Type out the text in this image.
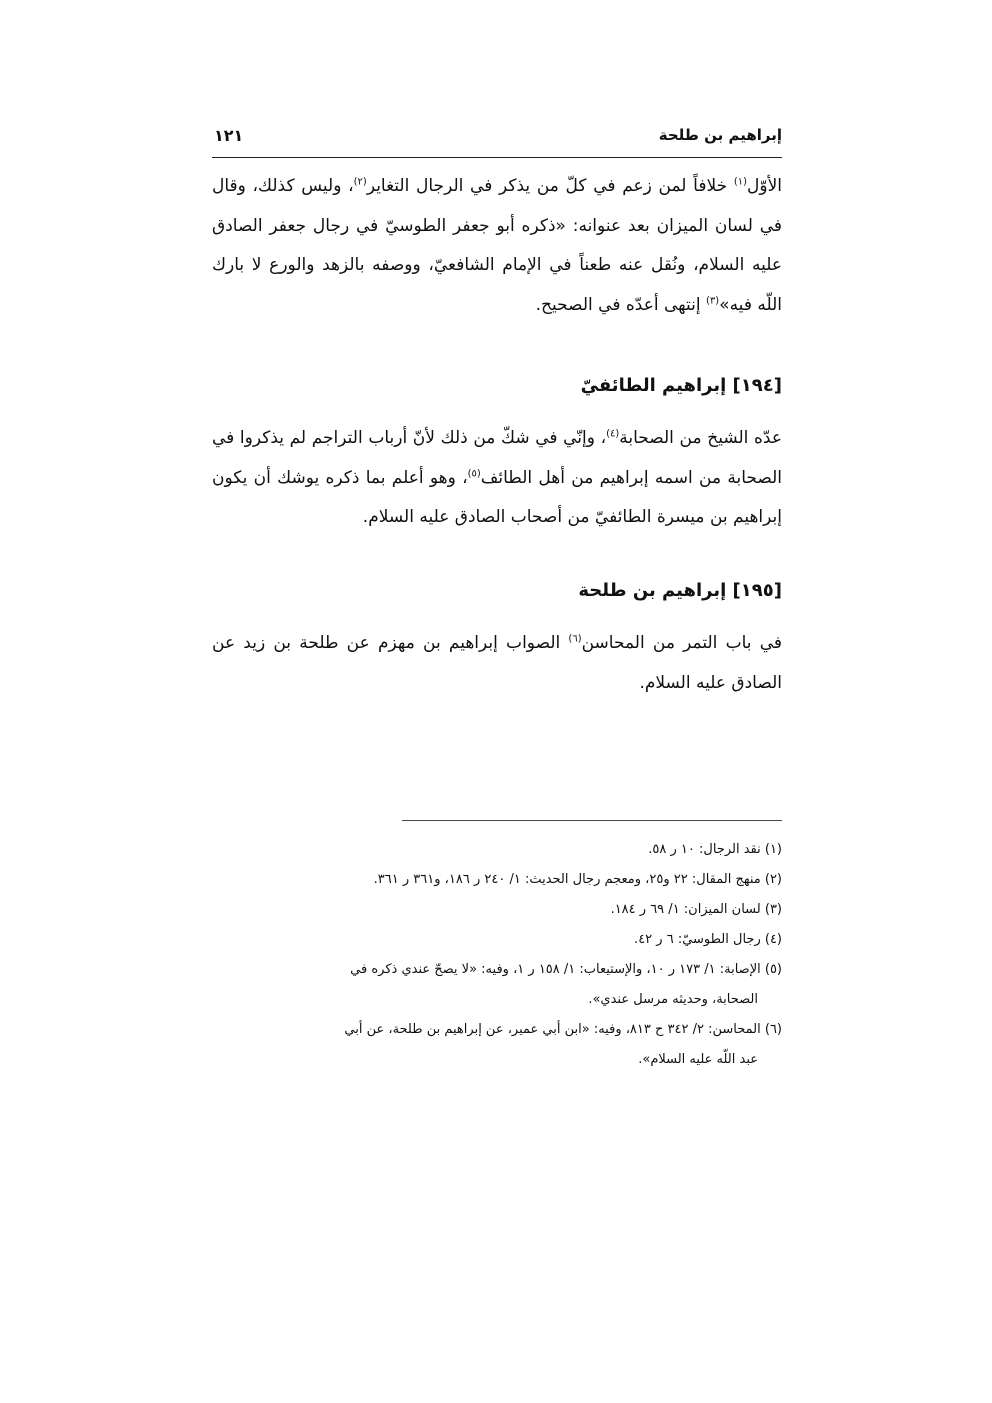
إبراهيم بن طلحة
١٢١
الأوّل$^{(١)}$ خلافاً لمن زعم في كلّ من يذكر في الرجال التغاير$^{(٢)}$، وليس كذلك، وقال في لسان الميزان بعد عنوانه: «ذكره أبو جعفر الطوسيّ في رجال جعفر الصادق عليه السلام، ونُقل عنه طعناً في الإمام الشافعيّ، ووصفه بالزهد والورع لا بارك اللّه فيه»$^{(٣)}$ إنتهى أعدّه في الصحيح.
[١٩٤] إبراهيم الطائفيّ
عدّه الشيخ من الصحابة$^{(٤)}$، وإنّي في شكّ من ذلك لأنّ أرباب التراجم لم يذكروا في الصحابة من اسمه إبراهيم من أهل الطائف$^{(٥)}$، وهو أعلم بما ذكره يوشك أن يكون إبراهيم بن ميسرة الطائفيّ من أصحاب الصادق عليه السلام.
[١٩٥] إبراهيم بن طلحة
في باب التمر من المحاسن$^{(٦)}$ الصواب إبراهيم بن مهزم عن طلحة بن زيد عن الصادق عليه السلام.

(١) نقد الرجال: ١٠ ر ٥٨.

(٢) منهج المقال: ٢٢ و٢٥، ومعجم رجال الحديث: ١/ ٢٤٠ ر ١٨٦، و٣٦١ ر ٣٦١.

(٣) لسان الميزان: ١/ ٦٩ ر ١٨٤.

(٤) رجال الطوسيّ: ٦ ر ٤٢.

(٥) الإصابة: ١/ ١٧٣ ر ١٠، والإستيعاب: ١/ ١٥٨ ر ١، وفيه: «لا يصحّ عندي ذكره في

الصحابة، وحديثه مرسل عندي».

(٦) المحاسن: ٢/ ٣٤٢ ح ٨١٣، وفيه: «ابن أبي عمير، عن إبراهيم بن طلحة، عن أبي

عبد اللّه عليه السلام».
